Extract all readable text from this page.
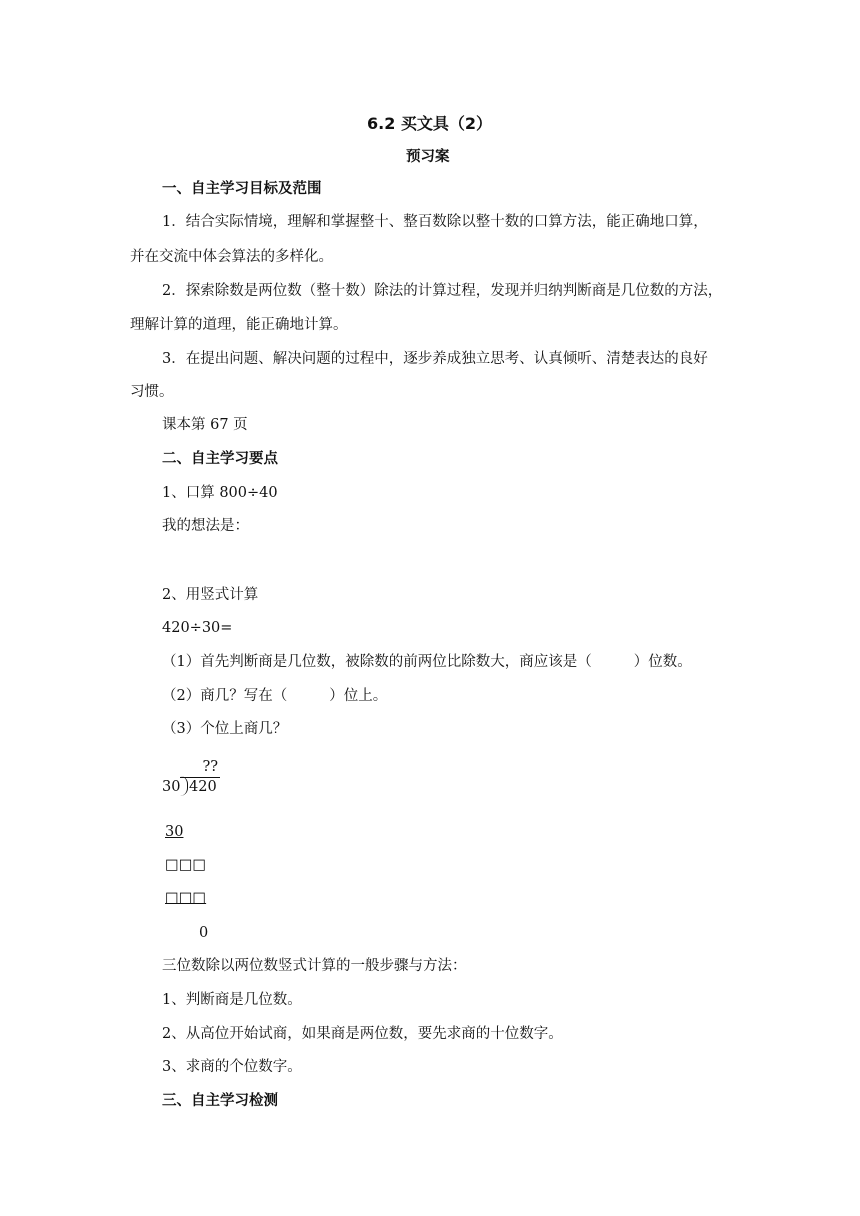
6.2 买文具（2）
预习案
一、自主学习目标及范围
1．结合实际情境，理解和掌握整十、整百数除以整十数的口算方法，能正确地口算，
并在交流中体会算法的多样化。
2．探索除数是两位数（整十数）除法的计算过程，发现并归纳判断商是几位数的方法，
理解计算的道理，能正确地计算。
3．在提出问题、解决问题的过程中，逐步养成独立思考、认真倾听、清楚表达的良好
习惯。
课本第 67 页
二、自主学习要点
1、口算 800÷40
我的想法是：
2、用竖式计算
420÷30=
（1）首先判断商是几位数，被除数的前两位比除数大，商应该是（	）位数。
（2）商几？写在（	）位上。
（3）个位上商几？
??
30 420
30
□□□
□□□
0
三位数除以两位数竖式计算的一般步骤与方法：
1、判断商是几位数。
2、从高位开始试商，如果商是两位数，要先求商的十位数字。
3、求商的个位数字。
三、自主学习检测
